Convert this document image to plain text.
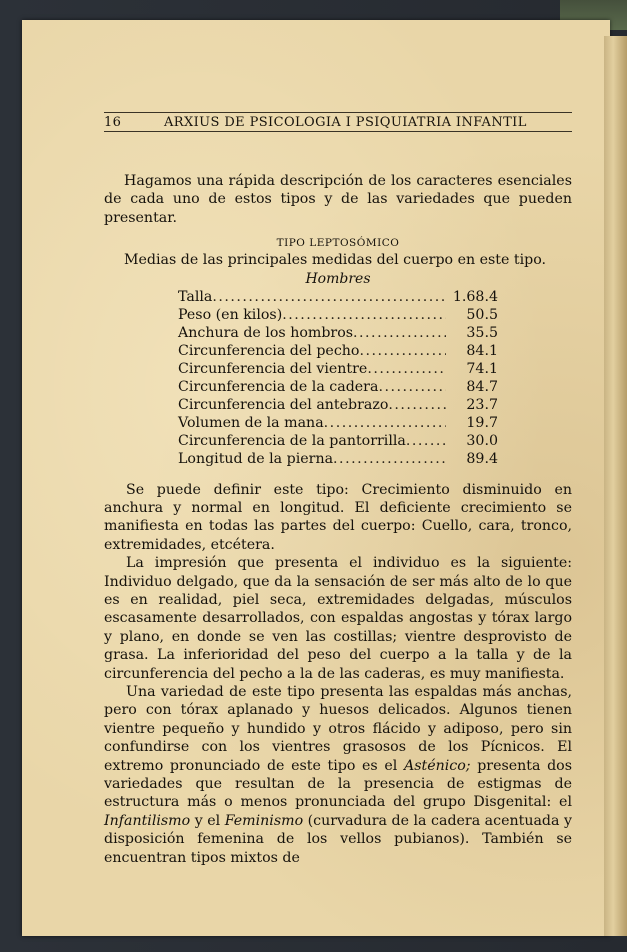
16	ARXIUS DE PSICOLOGIA I PSIQUIATRIA INFANTIL

Hagamos una rápida descripción de los caracteres esenciales de cada uno de estos tipos y de las variedades que pueden presentar.

TIPO LEPTOSÓMICO

Medias de las principales medidas del cuerpo en este tipo.

Hombres
Talla .....	1.68.4
Peso (en kilos) .....	50.5
Anchura de los hombros .....	35.5
Circunferencia del pecho .....	84.1
Circunferencia del vientre .....	74.1
Circunferencia de la cadera .....	84.7
Circunferencia del antebrazo .....	23.7
Volumen de la mana .....	19.7
Circunferencia de la pantorrilla .....	30.0
Longitud de la pierna .....	89.4

Se puede definir este tipo: Crecimiento disminuido en anchura y normal en longitud. El deficiente crecimiento se manifiesta en todas las partes del cuerpo: Cuello, cara, tronco, extremidades, etcétera.

La impresión que presenta el individuo es la siguiente: Individuo delgado, que da la sensación de ser más alto de lo que es en realidad, piel seca, extremidades delgadas, músculos escasamente desarrollados, con espaldas angostas y tórax largo y plano, en donde se ven las costillas; vientre desprovisto de grasa. La inferioridad del peso del cuerpo a la talla y de la circunferencia del pecho a la de las caderas, es muy manifiesta.

Una variedad de este tipo presenta las espaldas más anchas, pero con tórax aplanado y huesos delicados. Algunos tienen vientre pequeño y hundido y otros flácido y adiposo, pero sin confundirse con los vientres grasosos de los Pícnicos. El extremo pronunciado de este tipo es el Asténico; presenta dos variedades que resultan de la presencia de estigmas de estructura más o menos pronunciada del grupo Disgenital: el Infantilismo y el Feminismo (curvadura de la cadera acentuada y disposición femenina de los vellos pubianos). También se encuentran tipos mixtos de
